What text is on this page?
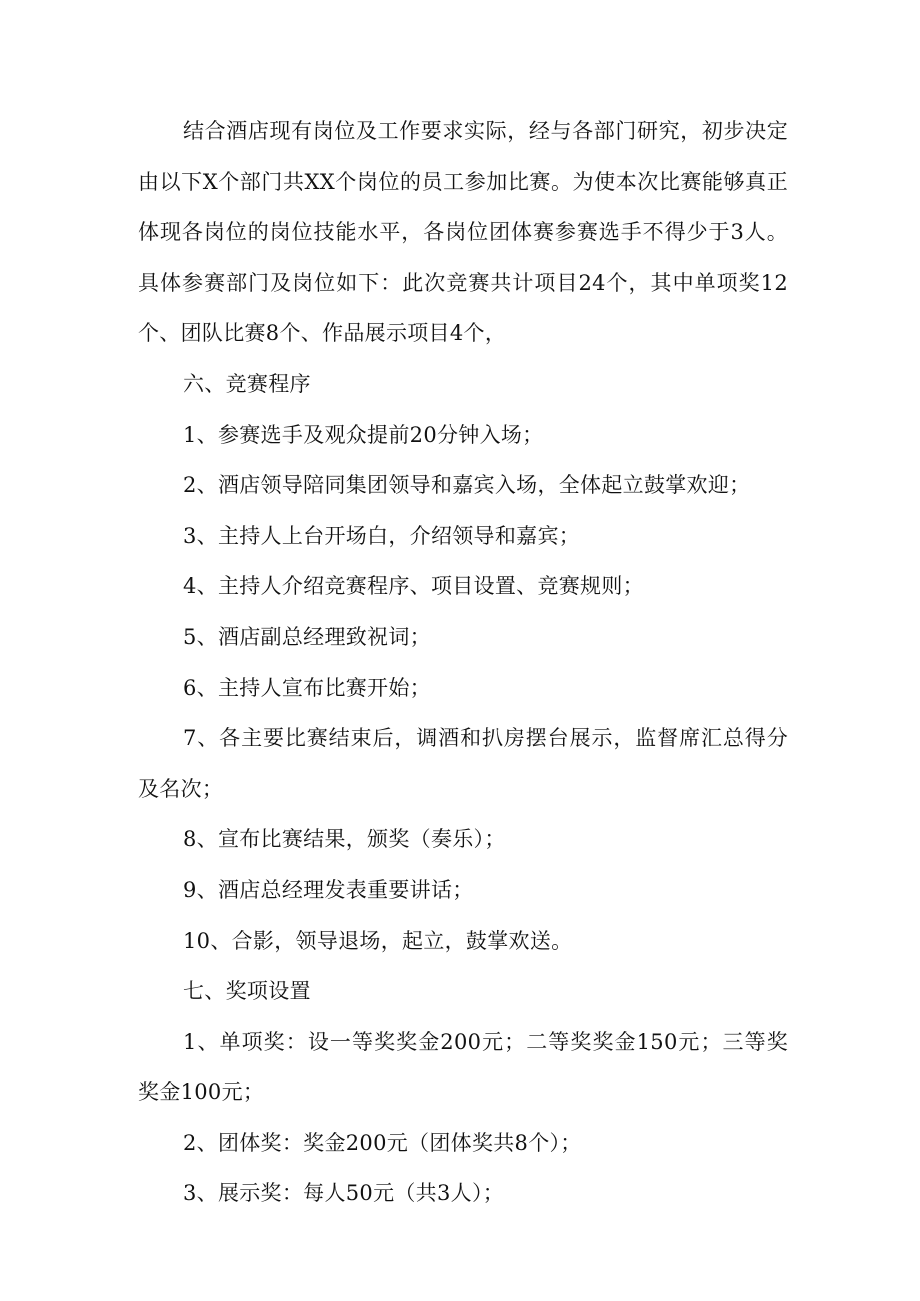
结合酒店现有岗位及工作要求实际，经与各部门研究，初步决定由以下X个部门共XX个岗位的员工参加比赛。为使本次比赛能够真正体现各岗位的岗位技能水平，各岗位团体赛参赛选手不得少于3人。具体参赛部门及岗位如下：此次竞赛共计项目24个，其中单项奖12个、团队比赛8个、作品展示项目4个，

六、竞赛程序

1、参赛选手及观众提前20分钟入场；

2、酒店领导陪同集团领导和嘉宾入场，全体起立鼓掌欢迎；

3、主持人上台开场白，介绍领导和嘉宾；

4、主持人介绍竞赛程序、项目设置、竞赛规则；

5、酒店副总经理致祝词；

6、主持人宣布比赛开始；

7、各主要比赛结束后，调酒和扒房摆台展示，监督席汇总得分及名次；

8、宣布比赛结果，颁奖（奏乐）；

9、酒店总经理发表重要讲话；

10、合影，领导退场，起立，鼓掌欢送。

七、奖项设置

1、单项奖：设一等奖奖金200元；二等奖奖金150元；三等奖奖金100元；

2、团体奖：奖金200元（团体奖共8个）；

3、展示奖：每人50元（共3人）；
